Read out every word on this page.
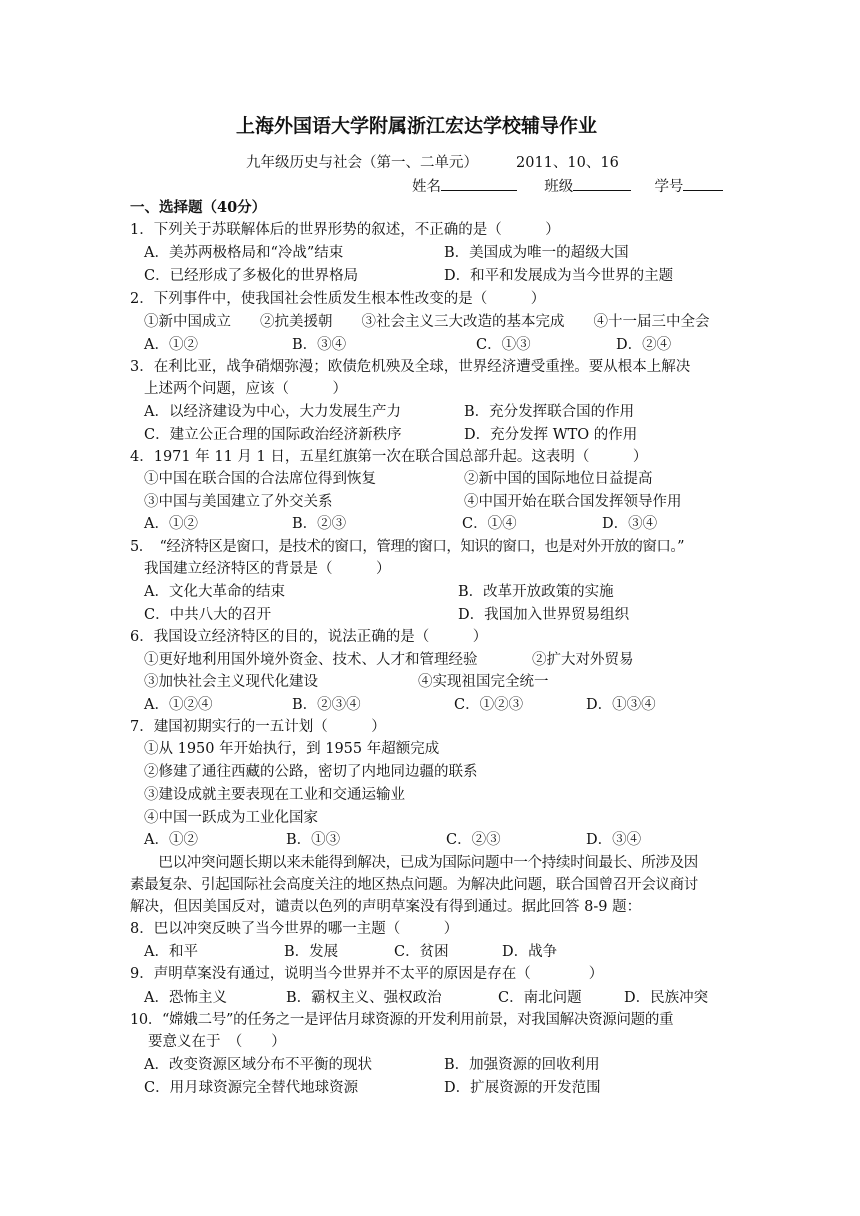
上海外国语大学附属浙江宏达学校辅导作业
九年级历史与社会（第一、二单元）	2011、10、16
姓名	班级	学号
一、选择题（40分）
1．下列关于苏联解体后的世界形势的叙述，不正确的是（　　　）
A．美苏两极格局和“冷战”结束	B．美国成为唯一的超级大国
C．已经形成了多极化的世界格局	D．和平和发展成为当今世界的主题
2．下列事件中，使我国社会性质发生根本性改变的是（　　　）
①新中国成立　　②抗美援朝　　③社会主义三大改造的基本完成　　④十一届三中全会
A．①②	B．③④	C．①③	D．②④
3．在利比亚，战争硝烟弥漫；欧债危机殃及全球，世界经济遭受重挫。要从根本上解决
上述两个问题，应该（　　　）
A．以经济建设为中心，大力发展生产力	B．充分发挥联合国的作用
C．建立公正合理的国际政治经济新秩序	D．充分发挥 WTO 的作用
4．1971 年 11 月 1 日，五星红旗第一次在联合国总部升起。这表明（　　　）
①中国在联合国的合法席位得到恢复	②新中国的国际地位日益提高
③中国与美国建立了外交关系	④中国开始在联合国发挥领导作用
A．①②	B．②③	C．①④	D．③④
5．　“经济特区是窗口，是技术的窗口，管理的窗口，知识的窗口，也是对外开放的窗口。”
我国建立经济特区的背景是（　　　）
A．文化大革命的结束	B．改革开放政策的实施
C．中共八大的召开	D．我国加入世界贸易组织
6．我国设立经济特区的目的，说法正确的是（　　　）
①更好地利用国外境外资金、技术、人才和管理经验	②扩大对外贸易
③加快社会主义现代化建设	④实现祖国完全统一
A．①②④	B．②③④	C．①②③	D．①③④
7．建国初期实行的一五计划（　　　）
①从 1950 年开始执行，到 1955 年超额完成
②修建了通往西藏的公路，密切了内地同边疆的联系
③建设成就主要表现在工业和交通运输业
④中国一跃成为工业化国家
A．①②	B．①③	C．②③	D．③④
　　巴以冲突问题长期以来未能得到解决，已成为国际问题中一个持续时间最长、所涉及因
素最复杂、引起国际社会高度关注的地区热点问题。为解决此问题，联合国曾召开会议商讨
解决，但因美国反对，谴责以色列的声明草案没有得到通过。据此回答 8-9 题：
8．巴以冲突反映了当今世界的哪一主题（　　　）
A．和平	B．发展	C．贫困	D．战争
9．声明草案没有通过，说明当今世界并不太平的原因是存在（　　　　）
A．恐怖主义	B．霸权主义、强权政治	C．南北问题	D．民族冲突
10．“嫦娥二号”的任务之一是评估月球资源的开发利用前景，对我国解决资源问题的重
要意义在于　（　　）
A．改变资源区域分布不平衡的现状	B．加强资源的回收利用
C．用月球资源完全替代地球资源	D．扩展资源的开发范围
